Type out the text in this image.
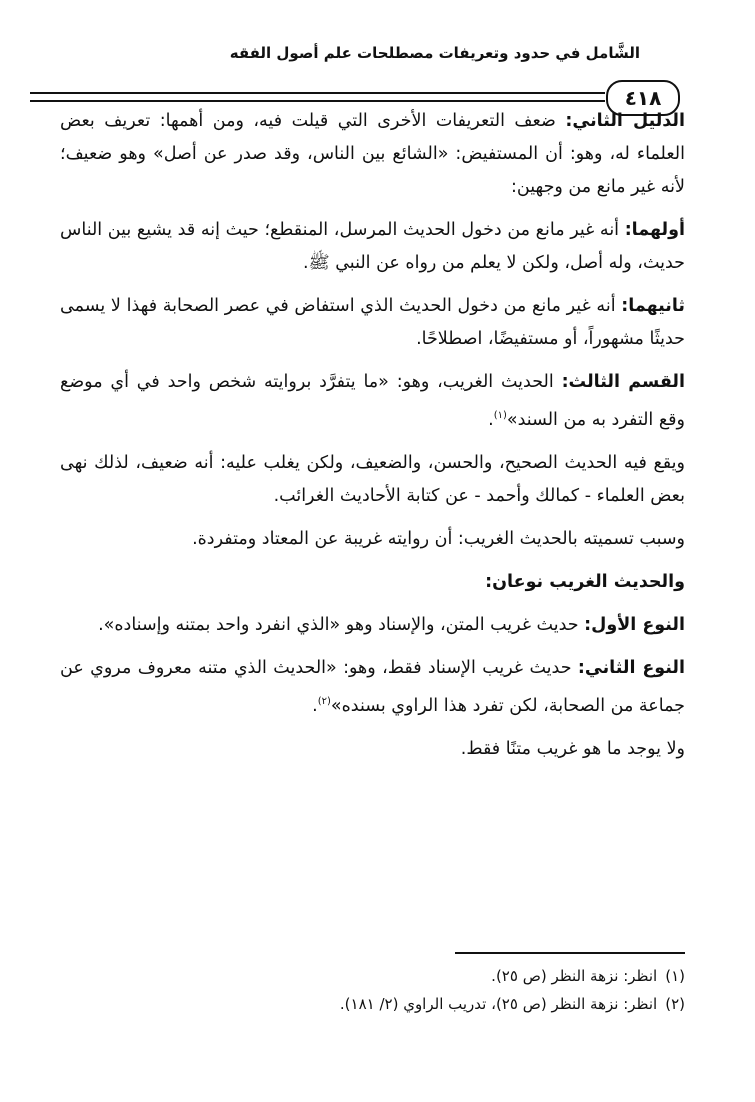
الشَّامل في حدود وتعريفات مصطلحات علم أصول الفقه
٤١٨

الدليل الثاني: ضعف التعريفات الأخرى التي قيلت فيه، ومن أهمها: تعريف بعض العلماء له، وهو: أن المستفيض: «الشائع بين الناس، وقد صدر عن أصل» وهو ضعيف؛ لأنه غير مانع من وجهين:

أولهما: أنه غير مانع من دخول الحديث المرسل، المنقطع؛ حيث إنه قد يشيع بين الناس حديث، وله أصل، ولكن لا يعلم من رواه عن النبي ﷺ.

ثانيهما: أنه غير مانع من دخول الحديث الذي استفاض في عصر الصحابة فهذا لا يسمى حديثًا مشهوراً، أو مستفيضًا، اصطلاحًا.

القسم الثالث: الحديث الغريب، وهو: «ما يتفرَّد بروايته شخص واحد في أي موضع وقع التفرد به من السند»$^{(١)}$.

ويقع فيه الحديث الصحيح، والحسن، والضعيف، ولكن يغلب عليه: أنه ضعيف، لذلك نهى بعض العلماء - كمالك وأحمد - عن كتابة الأحاديث الغرائب.

وسبب تسميته بالحديث الغريب: أن روايته غريبة عن المعتاد ومتفردة.

والحديث الغريب نوعان:

النوع الأول: حديث غريب المتن، والإسناد وهو «الذي انفرد واحد بمتنه وإسناده».

النوع الثاني: حديث غريب الإسناد فقط، وهو: «الحديث الذي متنه معروف مروي عن جماعة من الصحابة، لكن تفرد هذا الراوي بسنده»$^{(٢)}$.

ولا يوجد ما هو غريب متنًا فقط.

(١)انظر: نزهة النظر (ص ٢٥).

(٢)انظر: نزهة النظر (ص ٢٥)، تدريب الراوي (٢/ ١٨١).
